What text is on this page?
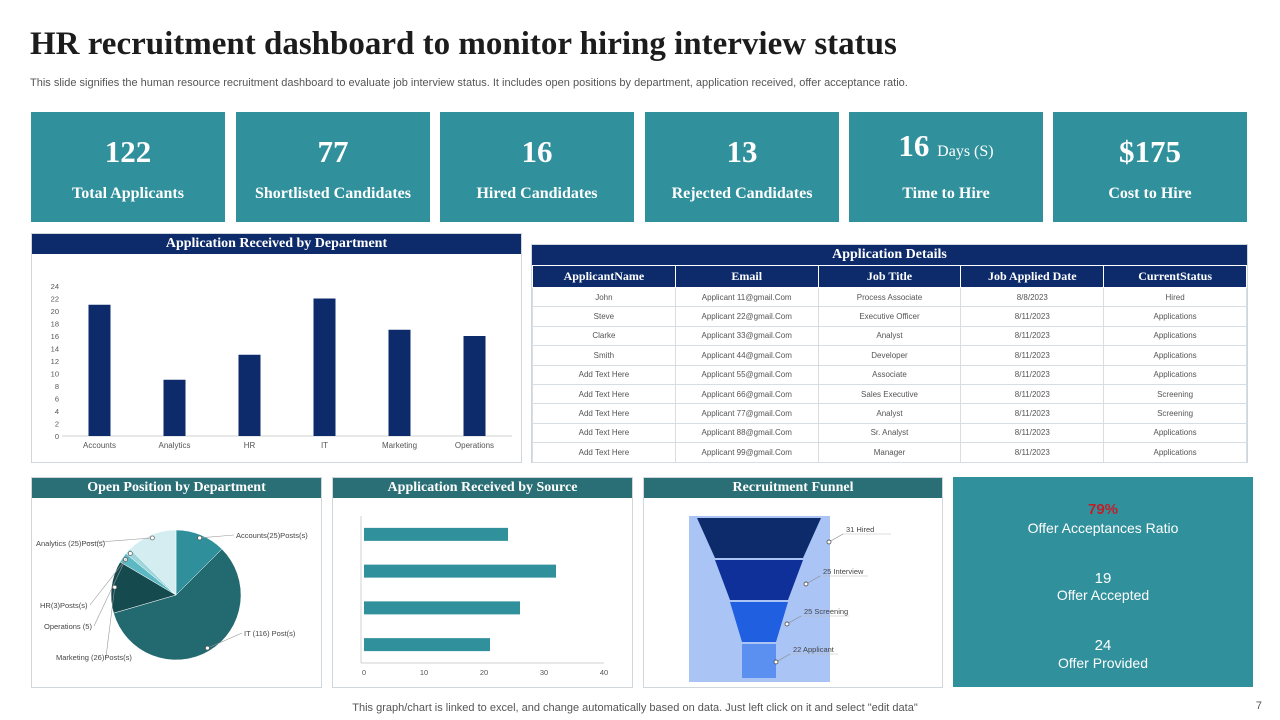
HR recruitment dashboard to monitor hiring interview status
This slide signifies the human resource recruitment dashboard to evaluate job interview status. It includes open positions by department, application received, offer acceptance ratio.
122
Total Applicants
77
Shortlisted Candidates
16
Hired Candidates
13
Rejected Candidates
16 Days (S)
Time to Hire
$175
Cost to Hire
Application Received by Department
0
2
4
6
8
10
12
14
16
18
20
22
24
Accounts	Analytics	HR	IT	Marketing	Operations
Application Details
ApplicantName	Email	Job Title	Job Applied Date	CurrentStatus
John	Applicant 11@gmail.Com	Process Associate	8/8/2023	Hired
Steve	Applicant 22@gmail.Com	Executive Officer	8/11/2023	Applications
Clarke	Applicant 33@gmail.Com	Analyst	8/11/2023	Applications
Smith	Applicant 44@gmail.Com	Developer	8/11/2023	Applications
Add Text Here	Applicant 55@gmail.Com	Associate	8/11/2023	Applications
Add Text Here	Applicant 66@gmail.Com	Sales Executive	8/11/2023	Screening
Add Text Here	Applicant 77@gmail.Com	Analyst	8/11/2023	Screening
Add Text Here	Applicant 88@gmail.Com	Sr. Analyst	8/11/2023	Applications
Add Text Here	Applicant 99@gmail.Com	Manager	8/11/2023	Applications
Open Position by Department
Accounts(25)Posts(s)
IT (116) Post(s)
Marketing (26)Posts(s)
Operations (5)
HR(3)Posts(s)
Analytics (25)Post(s)
Application Received by Source
0	10	20	30	40
Recruitment Funnel
31 Hired
25 Interview
25 Screening
22 Applicant
79%
Offer Acceptances Ratio
19
Offer Accepted
24
Offer Provided
This graph/chart is linked to excel, and change automatically based on data. Just left click on it and select "edit data"	7
